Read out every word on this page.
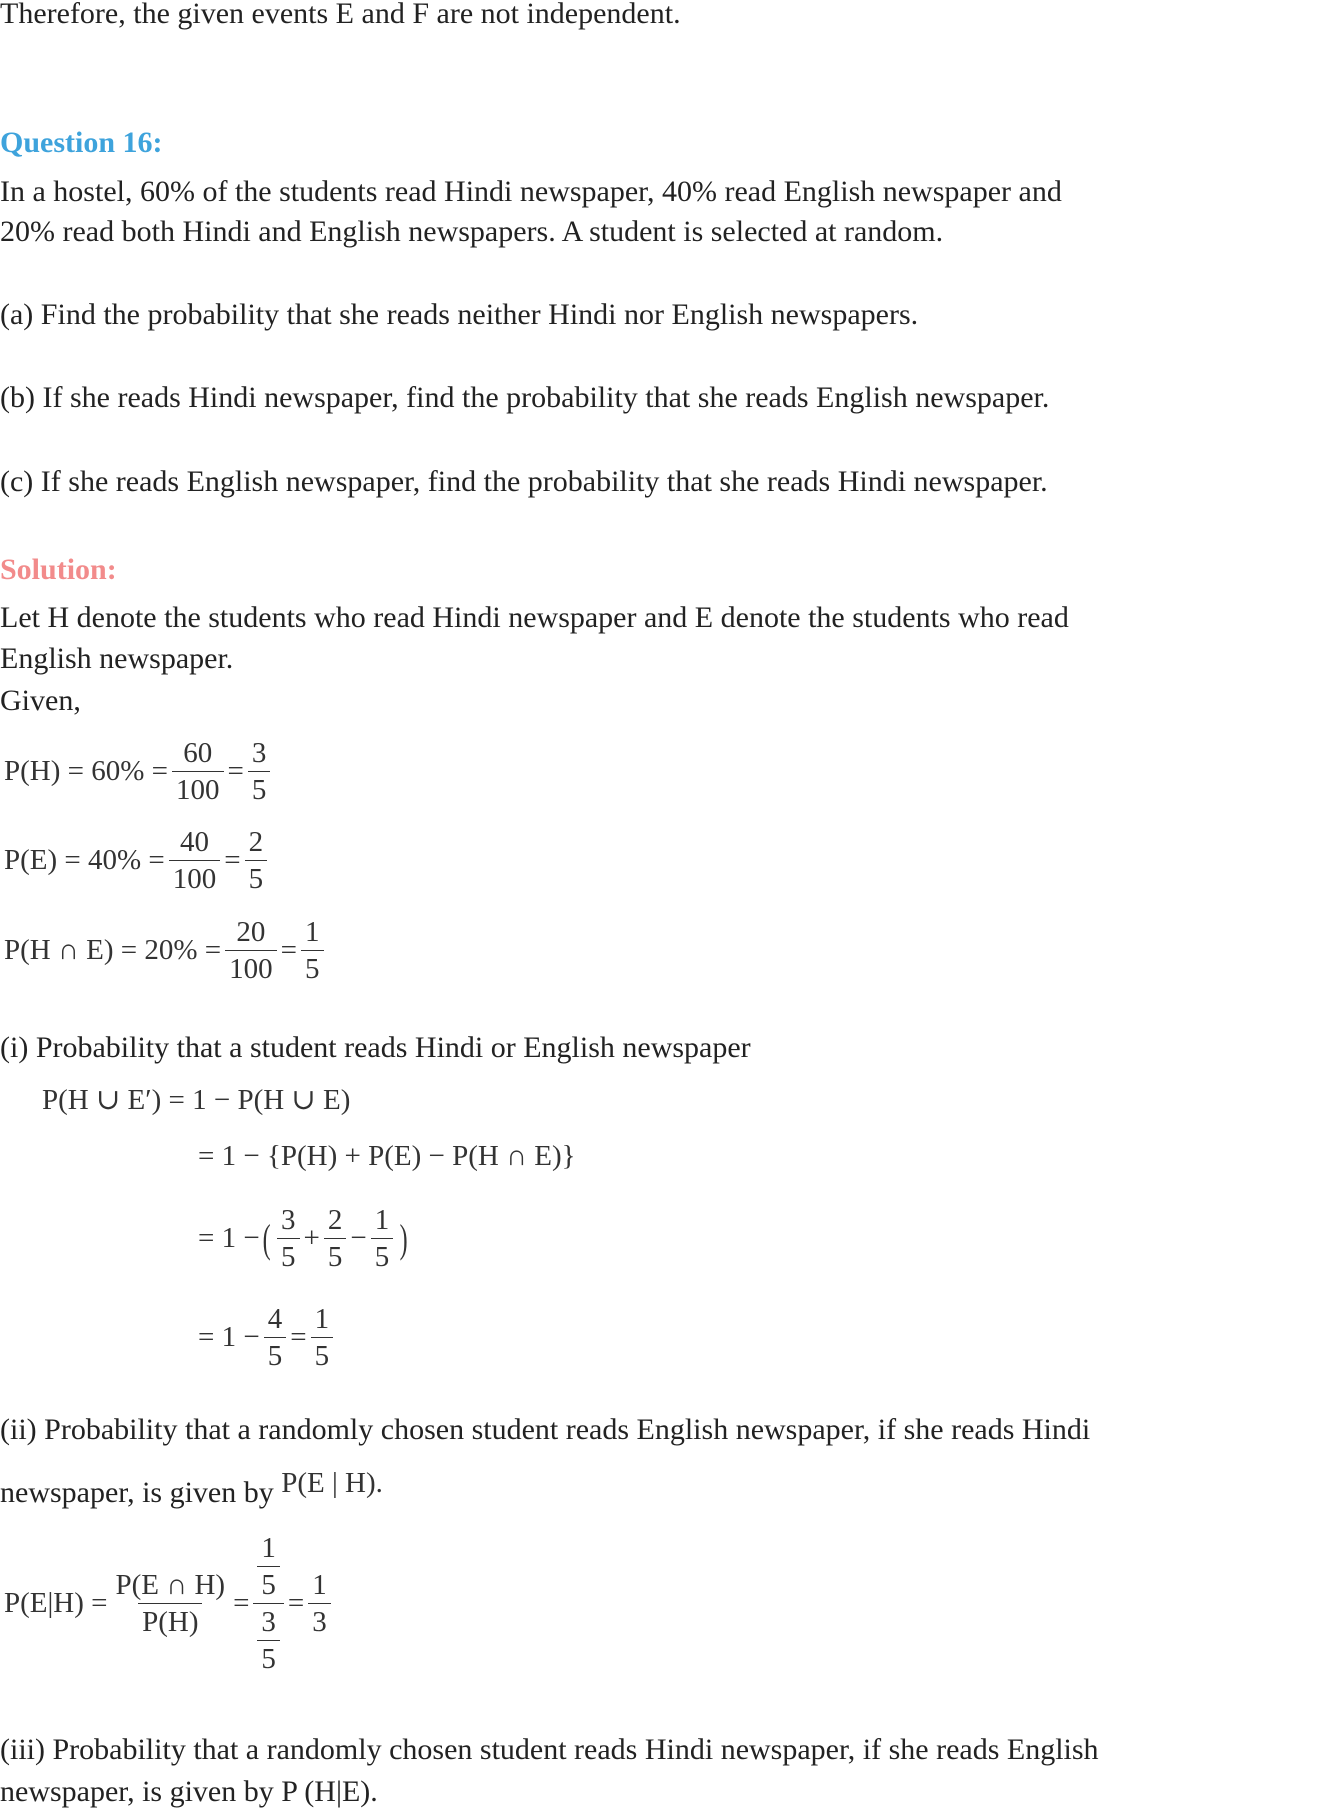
Therefore, the given events E and F are not independent.
Question 16:
In a hostel, 60% of the students read Hindi newspaper, 40% read English newspaper and
20% read both Hindi and English newspapers. A student is selected at random.
(a) Find the probability that she reads neither Hindi nor English newspapers.
(b) If she reads Hindi newspaper, find the probability that she reads English newspaper.
(c) If she reads English newspaper, find the probability that she reads Hindi newspaper.
Solution:
Let H denote the students who read Hindi newspaper and E denote the students who read
English newspaper.
Given,
$P(H) = 60\% = \frac{60}{100}$ =
3
5
$P(E) = 40\% = \frac{40}{100}$ =
2
5
P(H ∩ $E) = 20\% = \frac{20}{100}$ =
1
5
(i) Probability that a student reads Hindi or English newspaper
P(H ∪ E′) = 1 − P(H ∪ E)
= 1 − {P(H) + P(E) − P(H ∩ E)}
= 1 − ( 3
5
+ $\frac{2}{5} - \frac{1}{5}$ )
= $1 - \frac{4}{5}$ =
1
5
(ii) Probability that a randomly chosen student reads English newspaper, if she reads Hindi
newspaper, is given by P(E | H).
$P(E|H) = \frac{P(E \cap H)}{P(H)}$ =
1
5
3
5
=
1
3
(iii) Probability that a randomly chosen student reads Hindi newspaper, if she reads English
newspaper, is given by P (H|E).
